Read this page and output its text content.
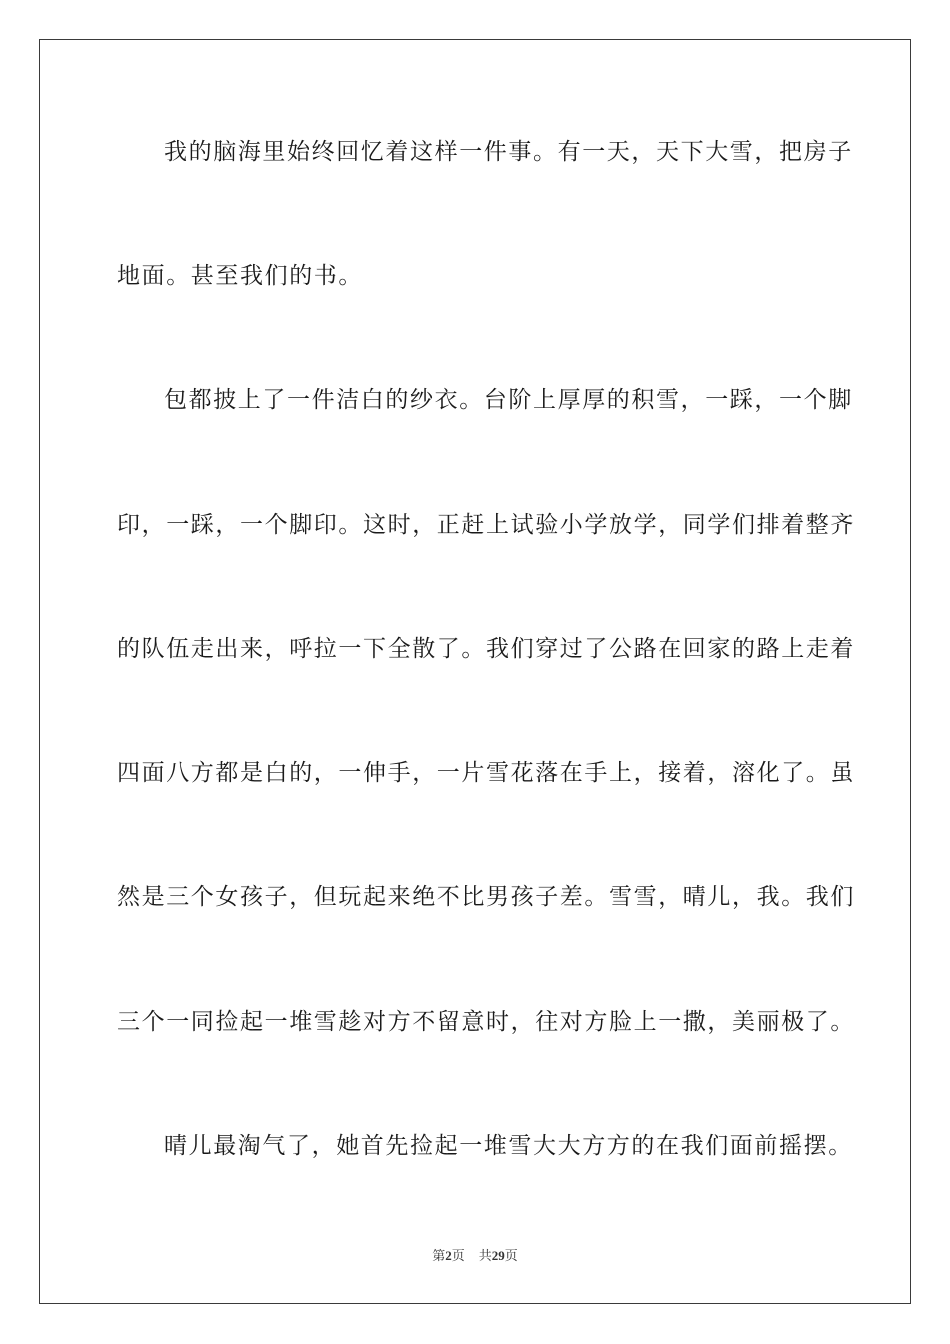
我的脑海里始终回忆着这样一件事。有一天，天下大雪，把房子
地面。甚至我们的书。
包都披上了一件洁白的纱衣。台阶上厚厚的积雪，一踩，一个脚
印，一踩，一个脚印。这时，正赶上试验小学放学，同学们排着整齐
的队伍走出来，呼拉一下全散了。我们穿过了公路在回家的路上走着
四面八方都是白的，一伸手，一片雪花落在手上，接着，溶化了。虽
然是三个女孩子，但玩起来绝不比男孩子差。雪雪，晴儿，我。我们
三个一同捡起一堆雪趁对方不留意时，往对方脸上一撒，美丽极了。
晴儿最淘气了，她首先捡起一堆雪大大方方的在我们面前摇摆。
第2页 共29页
